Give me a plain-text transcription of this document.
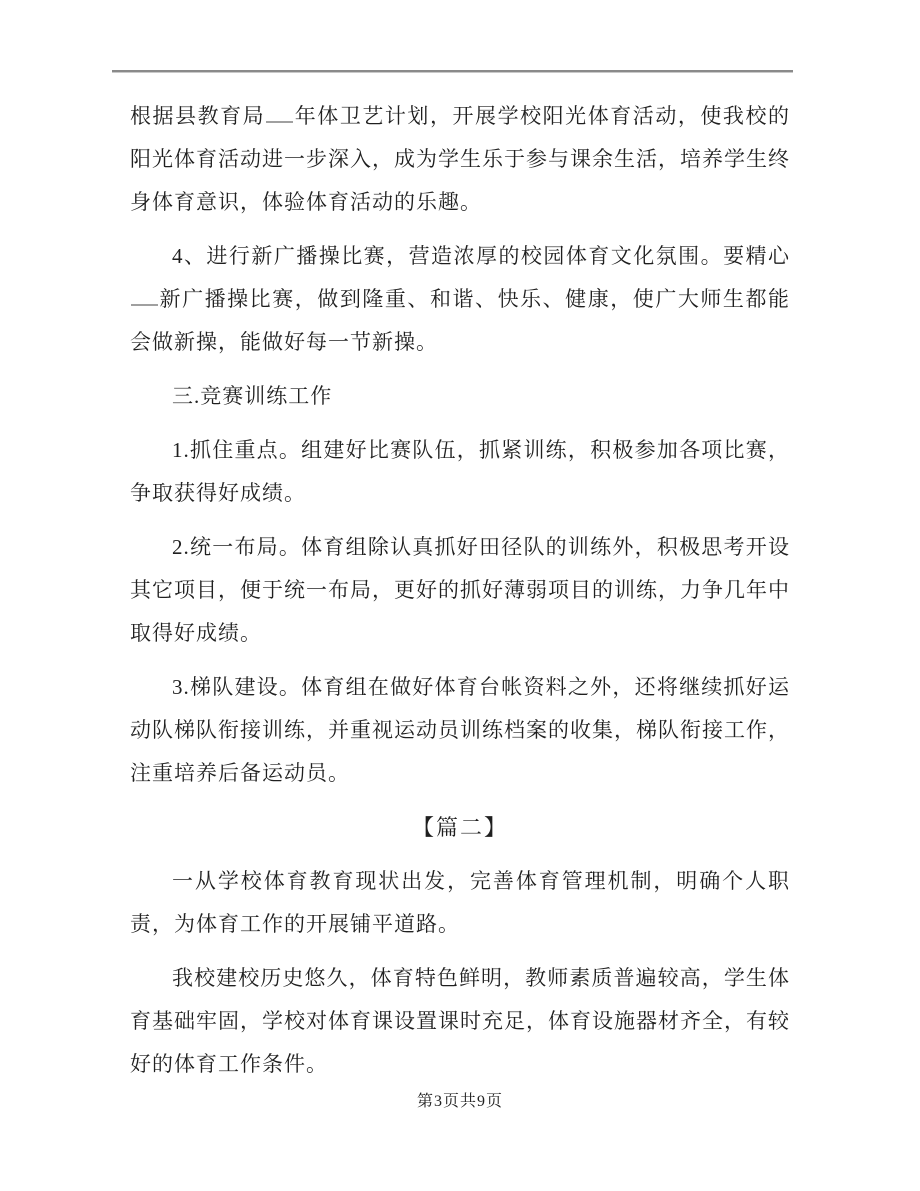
根据县教育局 年体卫艺计划，开展学校阳光体育活动，使我校的阳光体育活动进一步深入，成为学生乐于参与课余生活，培养学生终身体育意识，体验体育活动的乐趣。

4、进行新广播操比赛，营造浓厚的校园体育文化氛围。要精心新广播操比赛，做到隆重、和谐、快乐、健康，使广大师生都能会做新操，能做好每一节新操。

三.竞赛训练工作

1.抓住重点。组建好比赛队伍，抓紧训练，积极参加各项比赛，争取获得好成绩。

2.统一布局。体育组除认真抓好田径队的训练外，积极思考开设其它项目，便于统一布局，更好的抓好薄弱项目的训练，力争几年中取得好成绩。

3.梯队建设。体育组在做好体育台帐资料之外，还将继续抓好运动队梯队衔接训练，并重视运动员训练档案的收集，梯队衔接工作，注重培养后备运动员。

【篇二】

一从学校体育教育现状出发，完善体育管理机制，明确个人职责，为体育工作的开展铺平道路。

我校建校历史悠久，体育特色鲜明，教师素质普遍较高，学生体育基础牢固，学校对体育课设置课时充足，体育设施器材齐全，有较好的体育工作条件。

第3页共9页
